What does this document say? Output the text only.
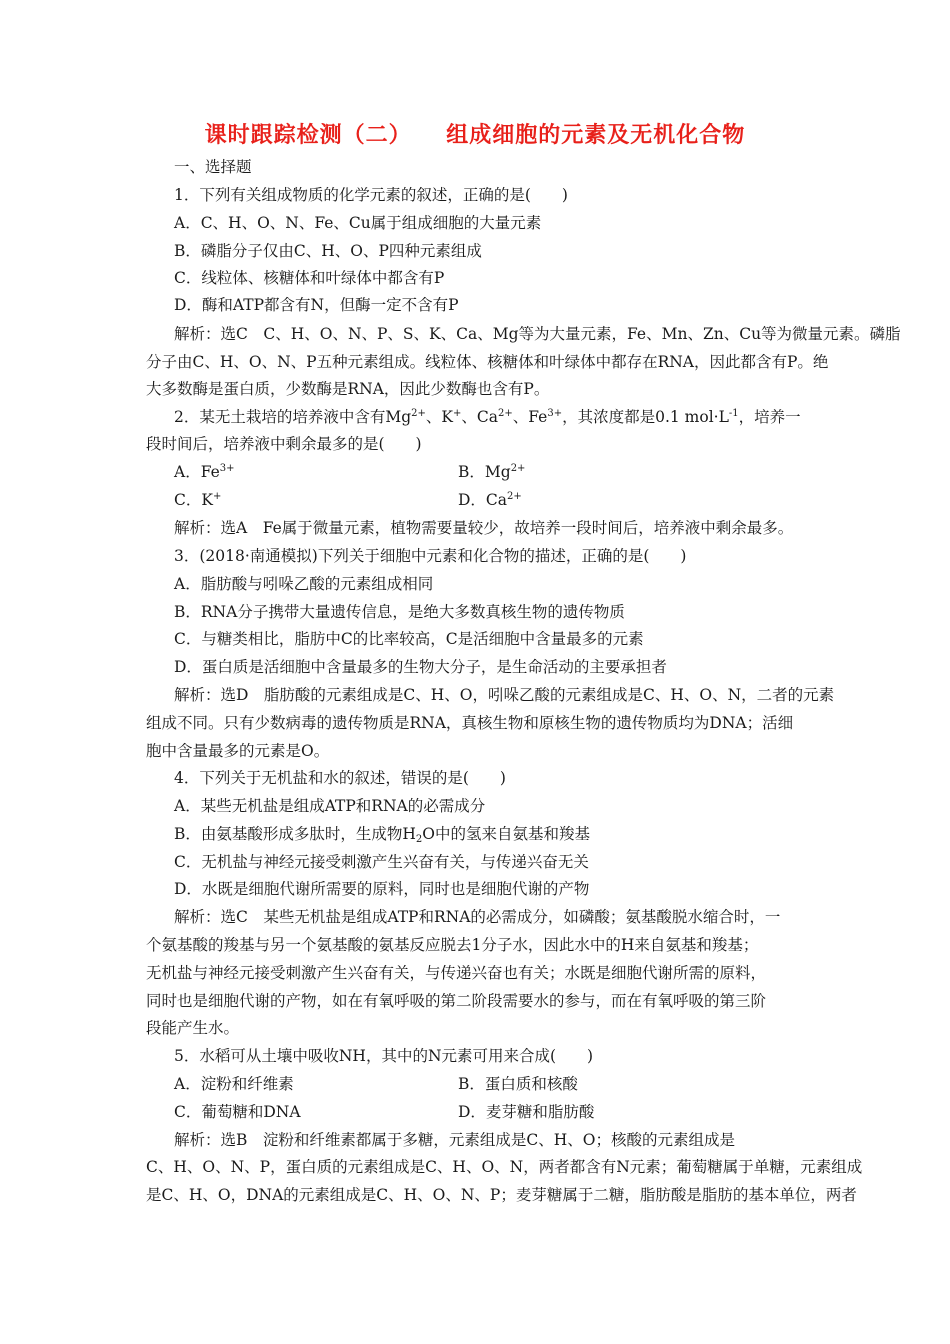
课时跟踪检测（二）    组成细胞的元素及无机化合物
一、选择题
1．下列有关组成物质的化学元素的叙述，正确的是(　　)
A．C、H、O、N、Fe、Cu属于组成细胞的大量元素
B．磷脂分子仅由C、H、O、P四种元素组成
C．线粒体、核糖体和叶绿体中都含有P
D．酶和ATP都含有N，但酶一定不含有P
解析：选C　C、H、O、N、P、S、K、Ca、Mg等为大量元素，Fe、Mn、Zn、Cu等为微量元素。磷脂
分子由C、H、O、N、P五种元素组成。线粒体、核糖体和叶绿体中都存在RNA，因此都含有P。绝
大多数酶是蛋白质，少数酶是RNA，因此少数酶也含有P。
2．某无土栽培的培养液中含有$Mg^{2+}$、K+、$Ca^{2+}$、$Fe^{3+}$，其浓度都是0.1 $mol\cdot L^{-1}$，培养一
段时间后，培养液中剩余最多的是(　　)
A．$Fe^{3+}$	B．$Mg^{2+}$
C．K+	D．$Ca^{2+}$
解析：选A　Fe属于微量元素，植物需要量较少，故培养一段时间后，培养液中剩余最多。
3．(2018·南通模拟)下列关于细胞中元素和化合物的描述，正确的是(　　)
A．脂肪酸与吲哚乙酸的元素组成相同
B．RNA分子携带大量遗传信息，是绝大多数真核生物的遗传物质
C．与糖类相比，脂肪中C的比率较高，C是活细胞中含量最多的元素
D．蛋白质是活细胞中含量最多的生物大分子，是生命活动的主要承担者
解析：选D　脂肪酸的元素组成是C、H、O，吲哚乙酸的元素组成是C、H、O、N，二者的元素
组成不同。只有少数病毒的遗传物质是RNA，真核生物和原核生物的遗传物质均为DNA；活细
胞中含量最多的元素是O。
4．下列关于无机盐和水的叙述，错误的是(　　)
A．某些无机盐是组成ATP和RNA的必需成分
B．由氨基酸形成多肽时，生成物$H_2O$中的氢来自氨基和羧基
C．无机盐与神经元接受刺激产生兴奋有关，与传递兴奋无关
D．水既是细胞代谢所需要的原料，同时也是细胞代谢的产物
解析：选C　某些无机盐是组成ATP和RNA的必需成分，如磷酸；氨基酸脱水缩合时，一
个氨基酸的羧基与另一个氨基酸的氨基反应脱去1分子水，因此水中的H来自氨基和羧基；
无机盐与神经元接受刺激产生兴奋有关，与传递兴奋也有关；水既是细胞代谢所需的原料，
同时也是细胞代谢的产物，如在有氧呼吸的第二阶段需要水的参与，而在有氧呼吸的第三阶
段能产生水。
5．水稻可从土壤中吸收NH，其中的N元素可用来合成(　　)
A．淀粉和纤维素	B．蛋白质和核酸
C．葡萄糖和DNA	D．麦芽糖和脂肪酸
解析：选B　淀粉和纤维素都属于多糖，元素组成是C、H、O；核酸的元素组成是
C、H、O、N、P，蛋白质的元素组成是C、H、O、N，两者都含有N元素；葡萄糖属于单糖，元素组成
是C、H、O，DNA的元素组成是C、H、O、N、P；麦芽糖属于二糖，脂肪酸是脂肪的基本单位，两者
